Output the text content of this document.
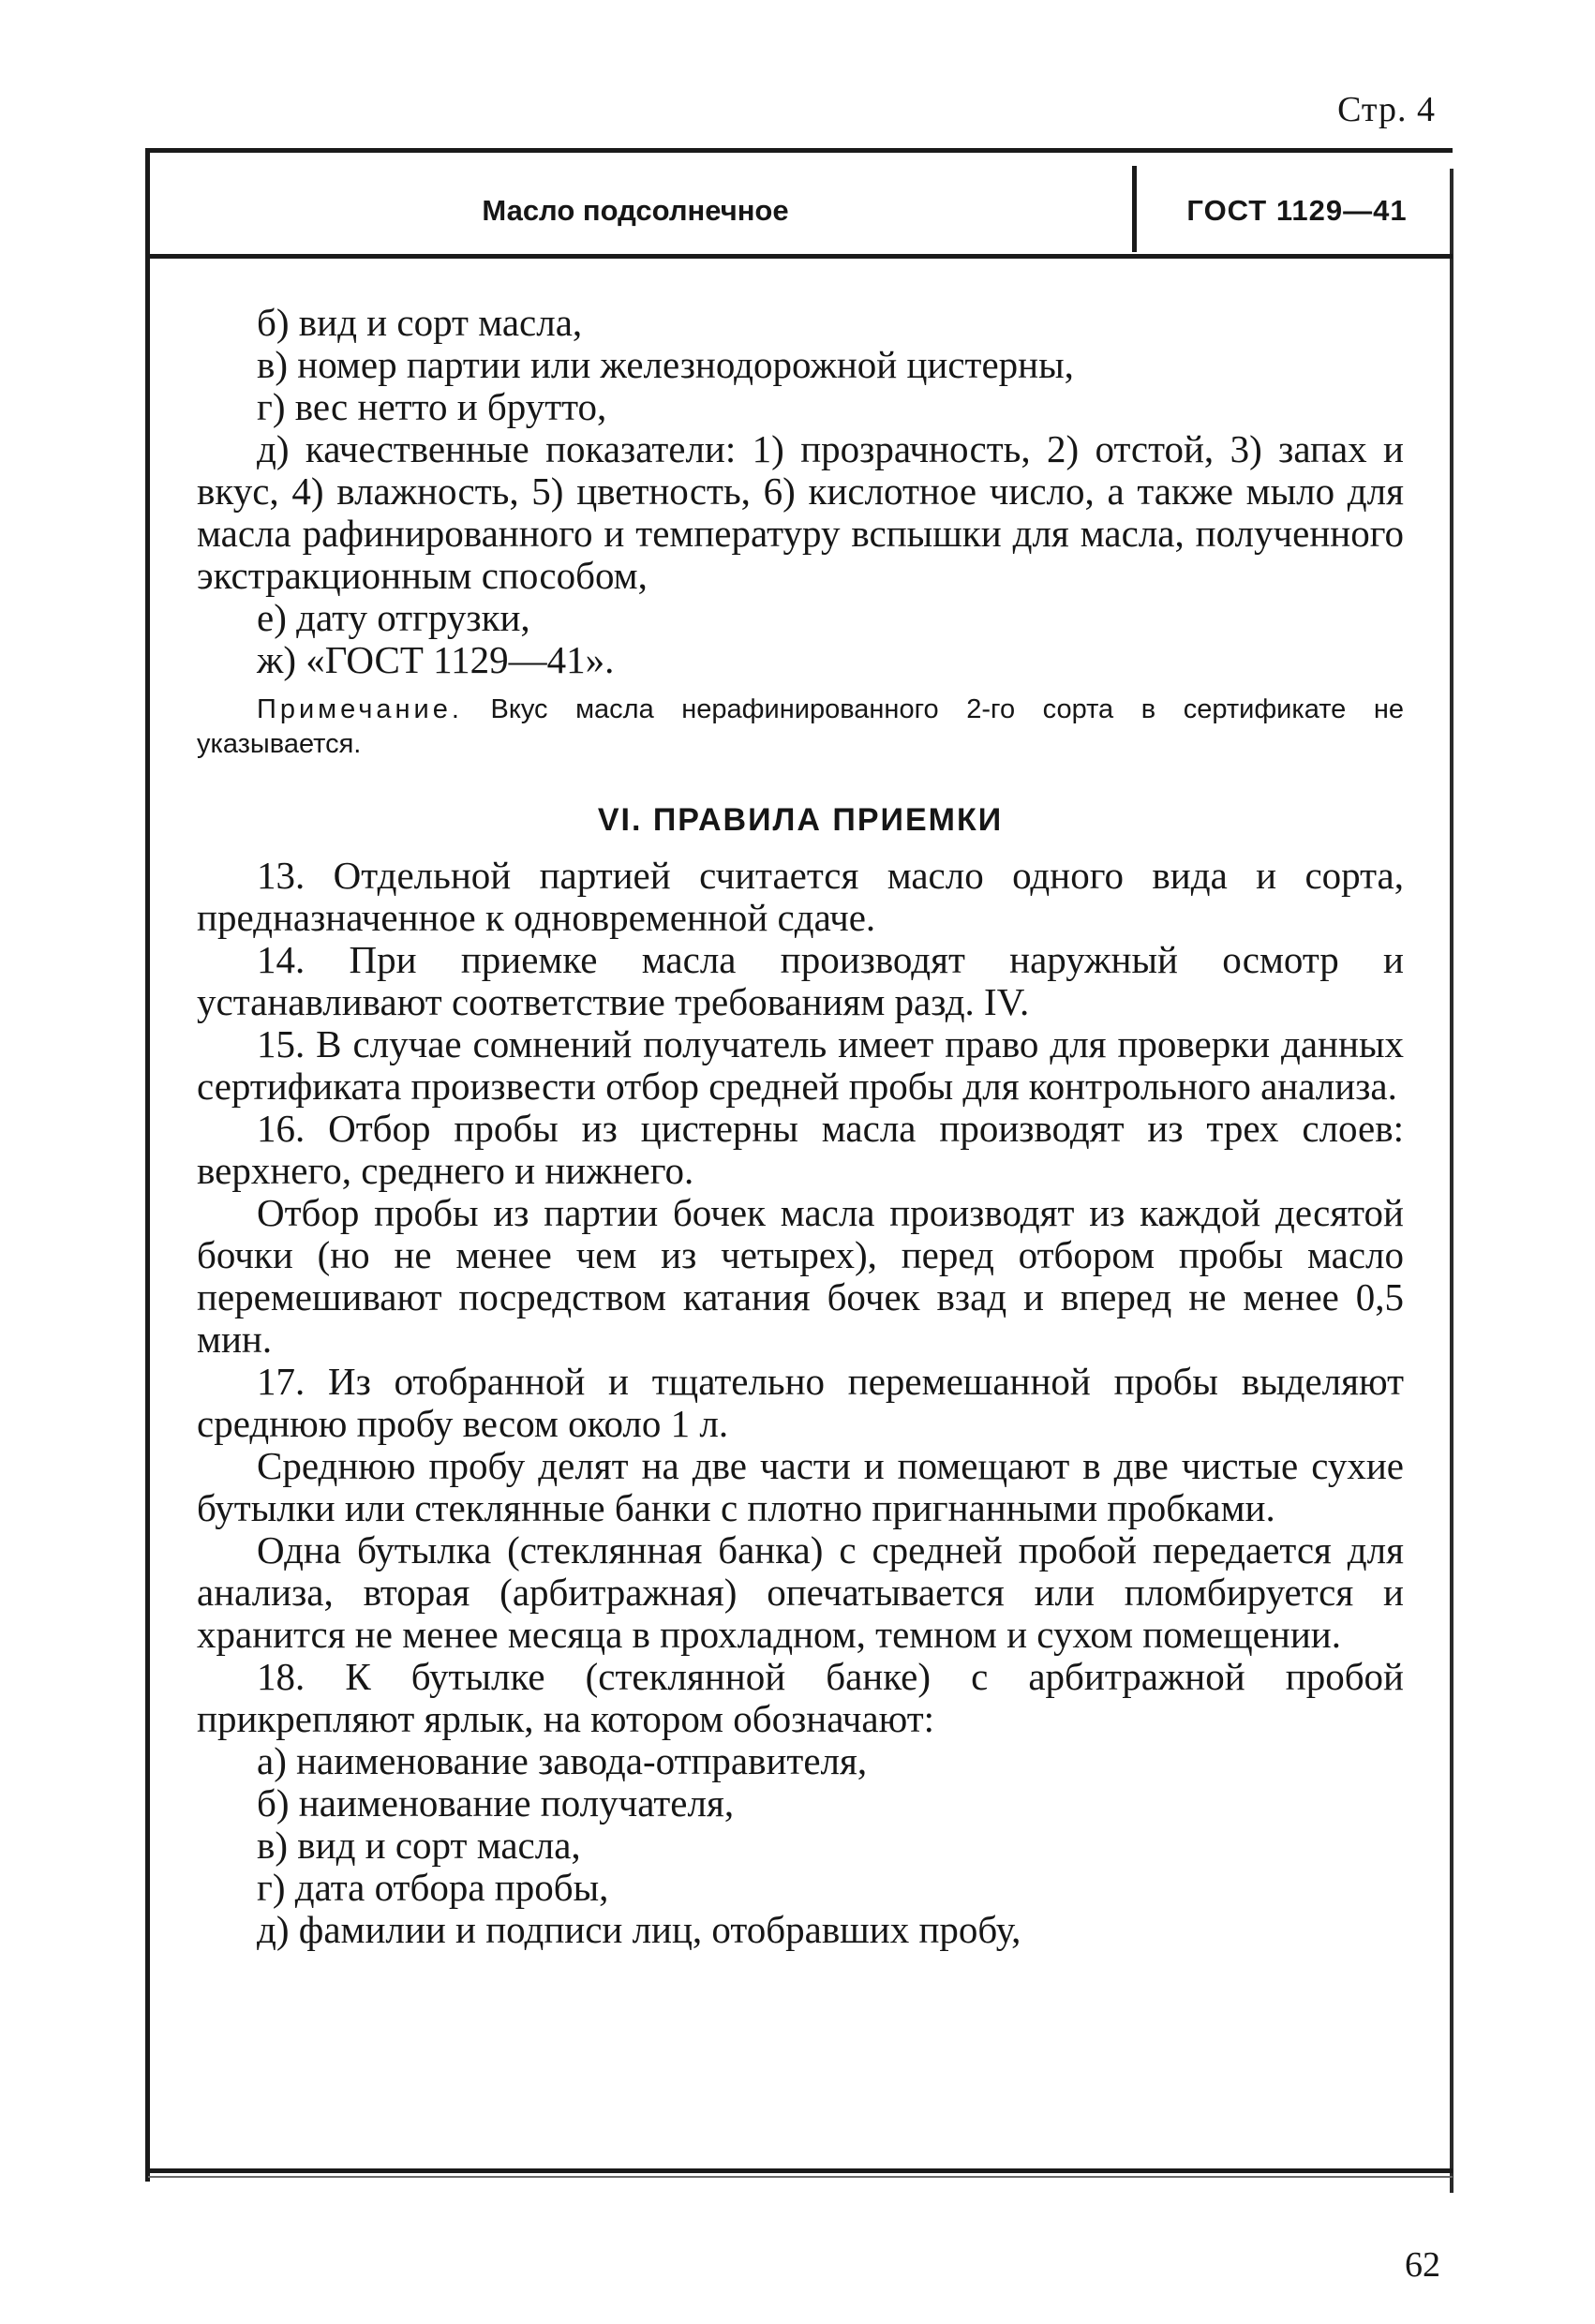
Стр. 4
Масло подсолнечное	ГОСТ 1129—41

б) вид и сорт масла,

в) номер партии или железнодорожной цистерны,

г) вес нетто и брутто,

д) качественные показатели: 1) прозрачность, 2) отстой, 3) запах и вкус, 4) влажность, 5) цветность, 6) кислотное число, а также мыло для масла рафинированного и температуру вспышки для масла, полученного экстракционным способом,

е) дату отгрузки,

ж) «ГОСТ 1129—41».

Примечание. Вкус масла нерафинированного 2-го сорта в сертификате не указывается.

VI. ПРАВИЛА ПРИЕМКИ

13. Отдельной партией считается масло одного вида и сорта, предназначенное к одновременной сдаче.

14. При приемке масла производят наружный осмотр и устанавливают соответствие требованиям разд. IV.

15. В случае сомнений получатель имеет право для проверки данных сертификата произвести отбор средней пробы для контрольного анализа.

16. Отбор пробы из цистерны масла производят из трех слоев: верхнего, среднего и нижнего.

Отбор пробы из партии бочек масла производят из каждой десятой бочки (но не менее чем из четырех), перед отбором пробы масло перемешивают посредством катания бочек взад и вперед не менее 0,5 мин.

17. Из отобранной и тщательно перемешанной пробы выделяют среднюю пробу весом около 1 л.

Среднюю пробу делят на две части и помещают в две чистые сухие бутылки или стеклянные банки с плотно пригнанными пробками.

Одна бутылка (стеклянная банка) с средней пробой передается для анализа, вторая (арбитражная) опечатывается или пломбируется и хранится не менее месяца в прохладном, темном и сухом помещении.

18. К бутылке (стеклянной банке) с арбитражной пробой прикрепляют ярлык, на котором обозначают:

а) наименование завода-отправителя,

б) наименование получателя,

в) вид и сорт масла,

г) дата отбора пробы,

д) фамилии и подписи лиц, отобравших пробу,

62
